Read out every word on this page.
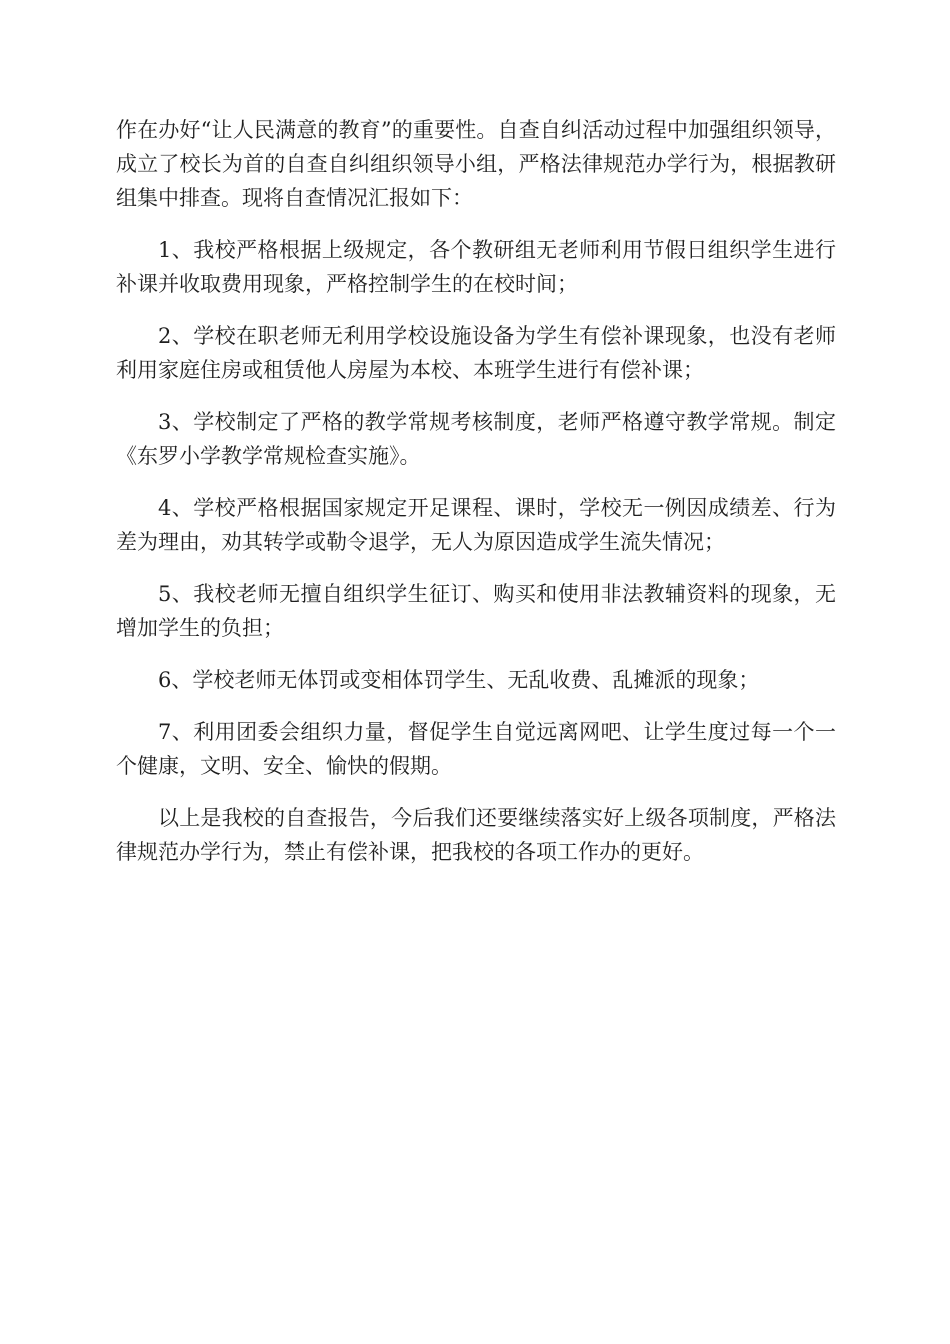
作在办好“让人民满意的教育”的重要性。自查自纠活动过程中加强组织领导，成立了校长为首的自查自纠组织领导小组，严格法律规范办学行为，根据教研组集中排查。现将自查情况汇报如下：

1、我校严格根据上级规定，各个教研组无老师利用节假日组织学生进行补课并收取费用现象，严格控制学生的在校时间；

2、学校在职老师无利用学校设施设备为学生有偿补课现象，也没有老师利用家庭住房或租赁他人房屋为本校、本班学生进行有偿补课；

3、学校制定了严格的教学常规考核制度，老师严格遵守教学常规。制定《东罗小学教学常规检查实施》。

4、学校严格根据国家规定开足课程、课时，学校无一例因成绩差、行为差为理由，劝其转学或勒令退学，无人为原因造成学生流失情况；

5、我校老师无擅自组织学生征订、购买和使用非法教辅资料的现象，无增加学生的负担；

6、学校老师无体罚或变相体罚学生、无乱收费、乱摊派的现象；

7、利用团委会组织力量，督促学生自觉远离网吧、让学生度过每一个一个健康，文明、安全、愉快的假期。

以上是我校的自查报告，今后我们还要继续落实好上级各项制度，严格法律规范办学行为，禁止有偿补课，把我校的各项工作办的更好。
